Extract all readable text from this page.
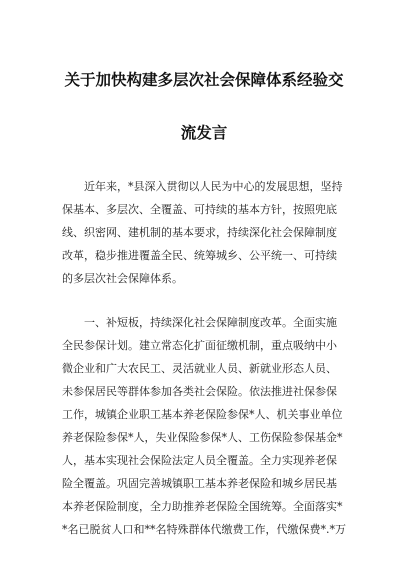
关于加快构建多层次社会保障体系经验交
流发言
近年来，*县深入贯彻以人民为中心的发展思想，坚持
保基本、多层次、全覆盖、可持续的基本方针，按照兜底
线、织密网、建机制的基本要求，持续深化社会保障制度
改革，稳步推进覆盖全民、统筹城乡、公平统一、可持续
的多层次社会保障体系。
一、补短板，持续深化社会保障制度改革。全面实施
全民参保计划。建立常态化扩面征缴机制，重点吸纳中小
微企业和广大农民工、灵活就业人员、新就业形态人员、
未参保居民等群体参加各类社会保险。依法推进社保参保
工作，城镇企业职工基本养老保险参保*人、机关事业单位
养老保险参保*人，失业保险参保*人、工伤保险参保基金*
人，基本实现社会保险法定人员全覆盖。全力实现养老保
险全覆盖。巩固完善城镇职工基本养老保险和城乡居民基
本养老保险制度，全力助推养老保险全国统筹。全面落实*
*名已脱贫人口和**名特殊群体代缴费工作，代缴保费*.*万
